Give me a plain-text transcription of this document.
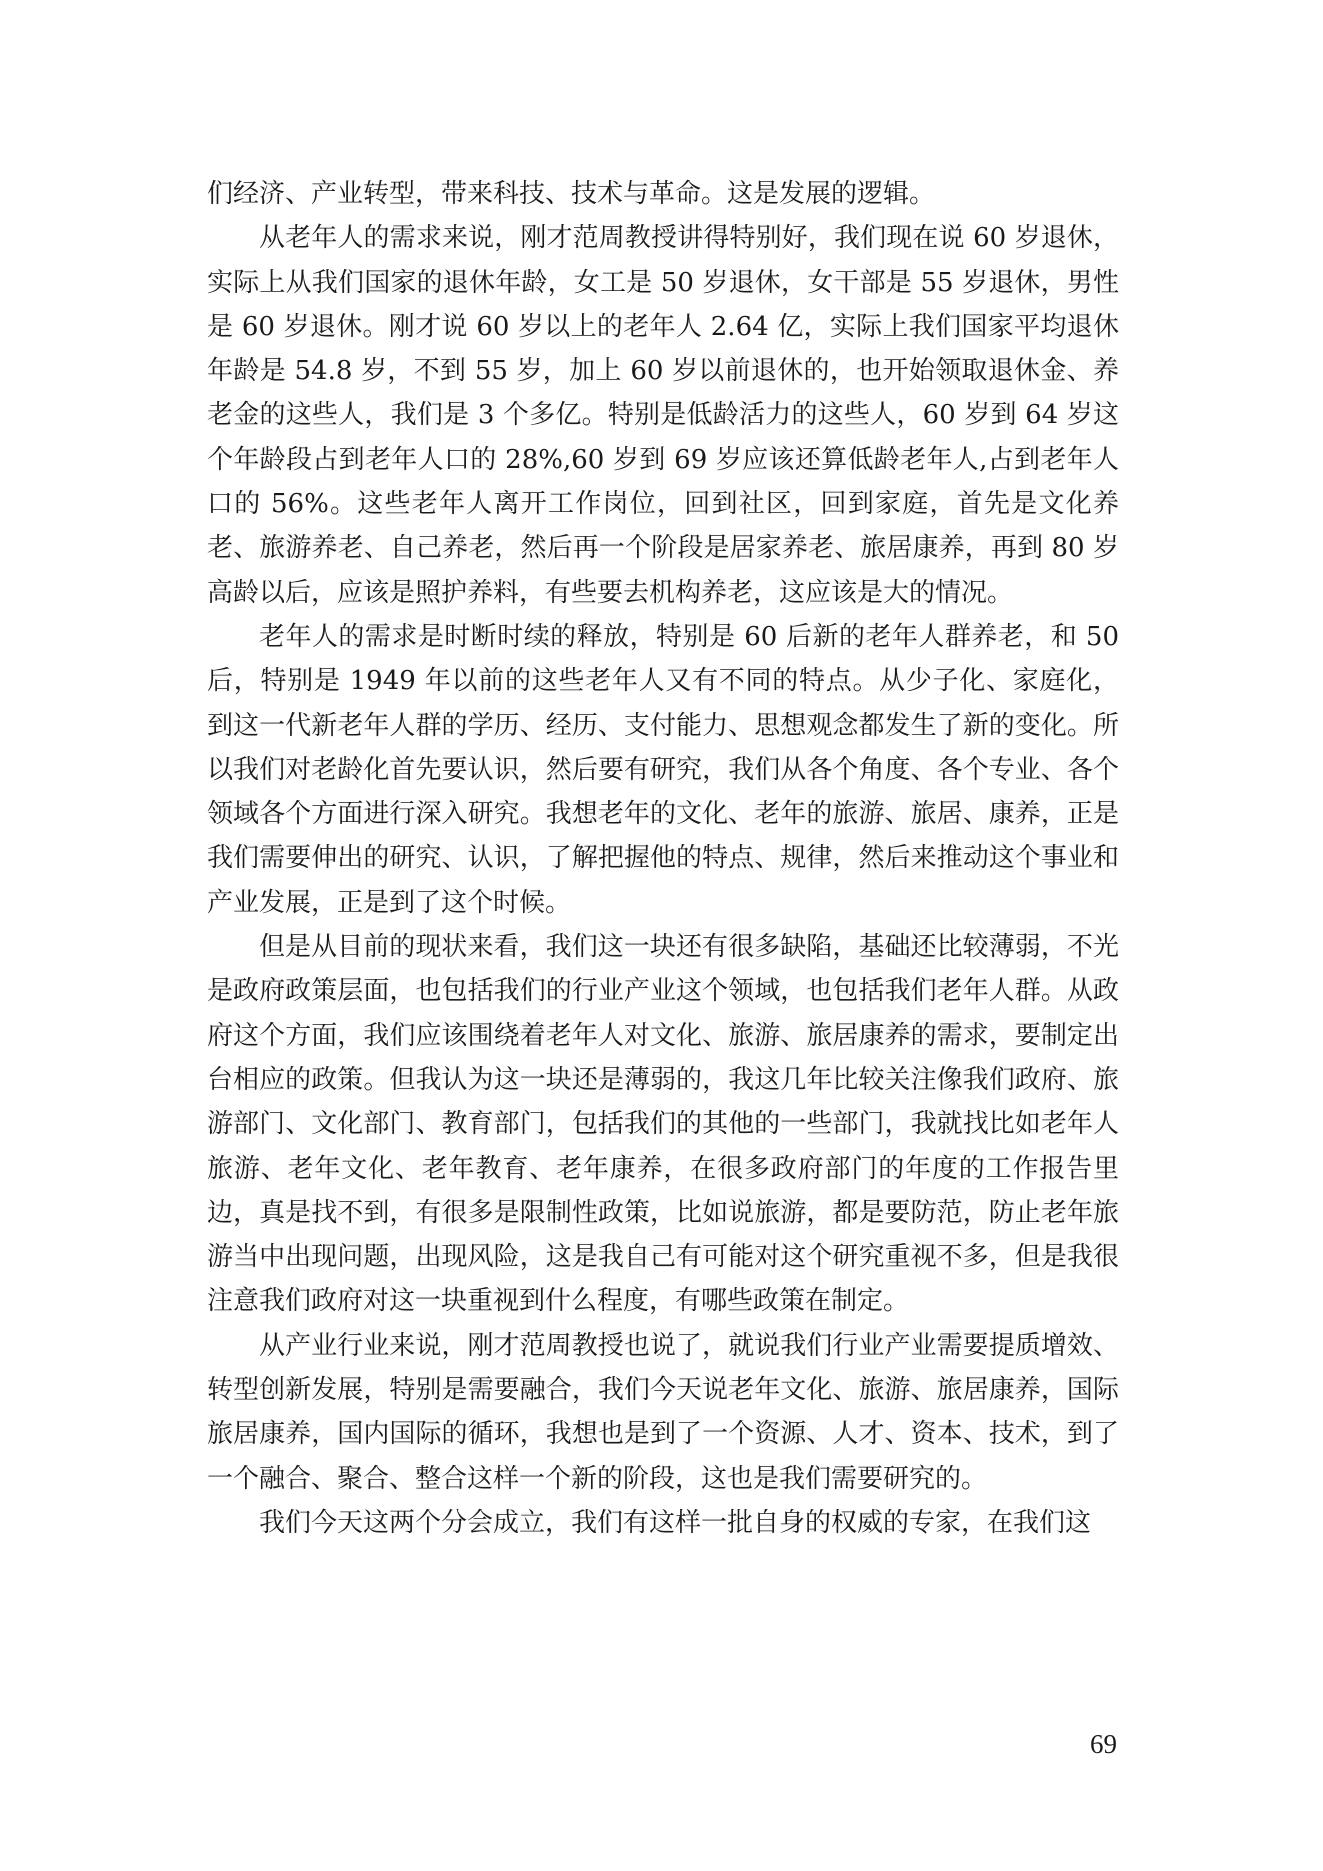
们经济、产业转型，带来科技、技术与革命。这是发展的逻辑。

从老年人的需求来说，刚才范周教授讲得特别好，我们现在说 60 岁退休，实际上从我们国家的退休年龄，女工是 50 岁退休，女干部是 55 岁退休，男性是 60 岁退休。刚才说 60 岁以上的老年人 2.64 亿，实际上我们国家平均退休年龄是 54.8 岁，不到 55 岁，加上 60 岁以前退休的，也开始领取退休金、养老金的这些人，我们是 3 个多亿。特别是低龄活力的这些人，60 岁到 64 岁这个年龄段占到老年人口的 28%,60 岁到 69 岁应该还算低龄老年人,占到老年人口的 56%。这些老年人离开工作岗位，回到社区，回到家庭，首先是文化养老、旅游养老、自己养老，然后再一个阶段是居家养老、旅居康养，再到 80 岁高龄以后，应该是照护养料，有些要去机构养老，这应该是大的情况。

老年人的需求是时断时续的释放，特别是 60 后新的老年人群养老，和 50 后，特别是 1949 年以前的这些老年人又有不同的特点。从少子化、家庭化，到这一代新老年人群的学历、经历、支付能力、思想观念都发生了新的变化。所以我们对老龄化首先要认识，然后要有研究，我们从各个角度、各个专业、各个领域各个方面进行深入研究。我想老年的文化、老年的旅游、旅居、康养，正是我们需要伸出的研究、认识，了解把握他的特点、规律，然后来推动这个事业和产业发展，正是到了这个时候。

但是从目前的现状来看，我们这一块还有很多缺陷，基础还比较薄弱，不光是政府政策层面，也包括我们的行业产业这个领域，也包括我们老年人群。从政府这个方面，我们应该围绕着老年人对文化、旅游、旅居康养的需求，要制定出台相应的政策。但我认为这一块还是薄弱的，我这几年比较关注像我们政府、旅游部门、文化部门、教育部门，包括我们的其他的一些部门，我就找比如老年人旅游、老年文化、老年教育、老年康养，在很多政府部门的年度的工作报告里边，真是找不到，有很多是限制性政策，比如说旅游，都是要防范，防止老年旅游当中出现问题，出现风险，这是我自己有可能对这个研究重视不多，但是我很注意我们政府对这一块重视到什么程度，有哪些政策在制定。

从产业行业来说，刚才范周教授也说了，就说我们行业产业需要提质增效、转型创新发展，特别是需要融合，我们今天说老年文化、旅游、旅居康养，国际旅居康养，国内国际的循环，我想也是到了一个资源、人才、资本、技术，到了一个融合、聚合、整合这样一个新的阶段，这也是我们需要研究的。

我们今天这两个分会成立，我们有这样一批自身的权威的专家，在我们这

69
